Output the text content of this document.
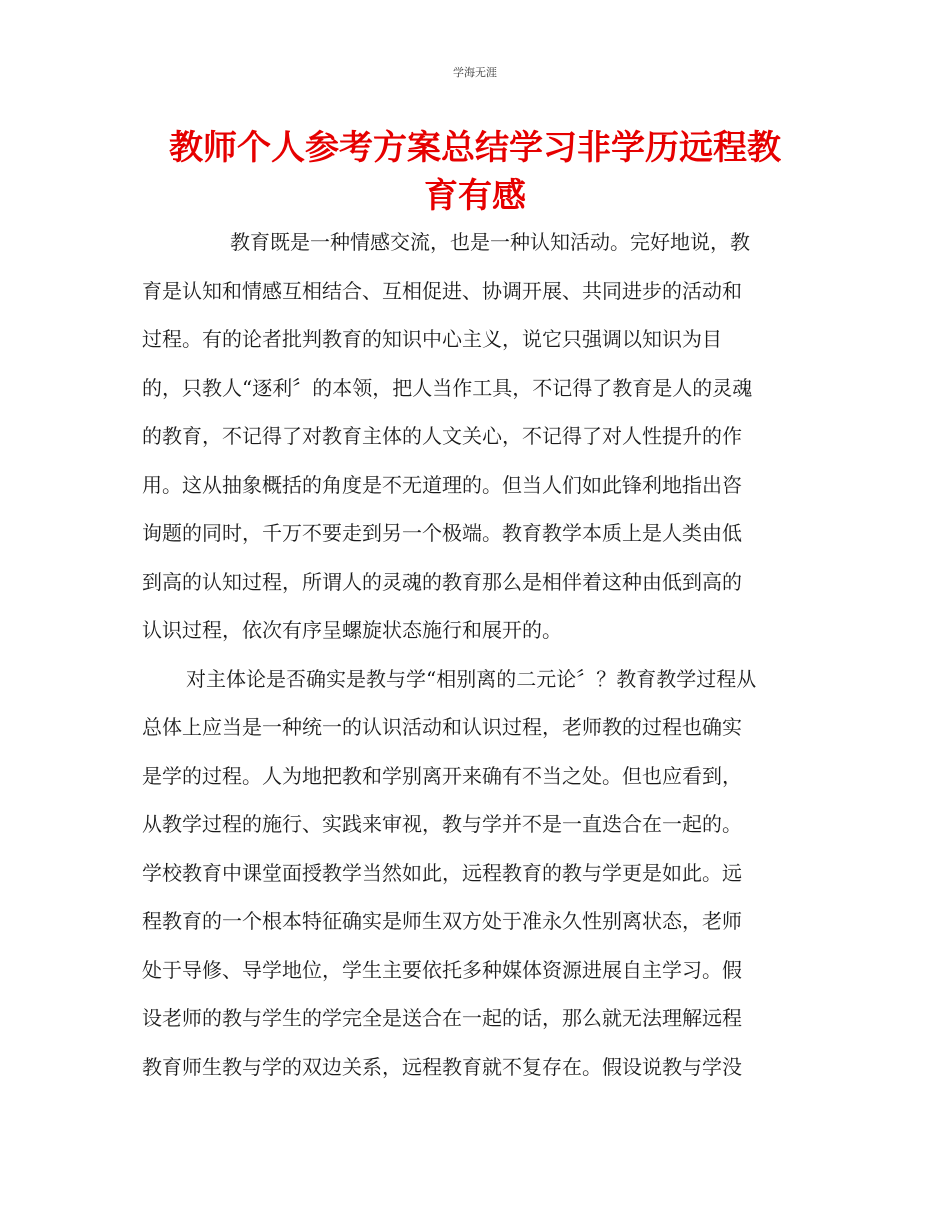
学海无涯
教师个人参考方案总结学习非学历远程教
育有感

教育既是一种情感交流，也是一种认知活动。完好地说，教
育是认知和情感互相结合、互相促进、协调开展、共同进步的活动和
过程。有的论者批判教育的知识中心主义，说它只强调以知识为目
的，只教人“逐利〞的本领，把人当作工具，不记得了教育是人的灵魂
的教育，不记得了对教育主体的人文关心，不记得了对人性提升的作
用。这从抽象概括的角度是不无道理的。但当人们如此锋利地指出咨
询题的同时，千万不要走到另一个极端。教育教学本质上是人类由低
到高的认知过程，所谓人的灵魂的教育那么是相伴着这种由低到高的
认识过程，依次有序呈螺旋状态施行和展开的。

对主体论是否确实是教与学“相别离的二元论〞？教育教学过程从
总体上应当是一种统一的认识活动和认识过程，老师教的过程也确实
是学的过程。人为地把教和学别离开来确有不当之处。但也应看到，
从教学过程的施行、实践来审视，教与学并不是一直迭合在一起的。
学校教育中课堂面授教学当然如此，远程教育的教与学更是如此。远
程教育的一个根本特征确实是师生双方处于准永久性别离状态，老师
处于导修、导学地位，学生主要依托多种媒体资源进展自主学习。假
设老师的教与学生的学完全是送合在一起的话，那么就无法理解远程
教育师生教与学的双边关系，远程教育就不复存在。假设说教与学没
